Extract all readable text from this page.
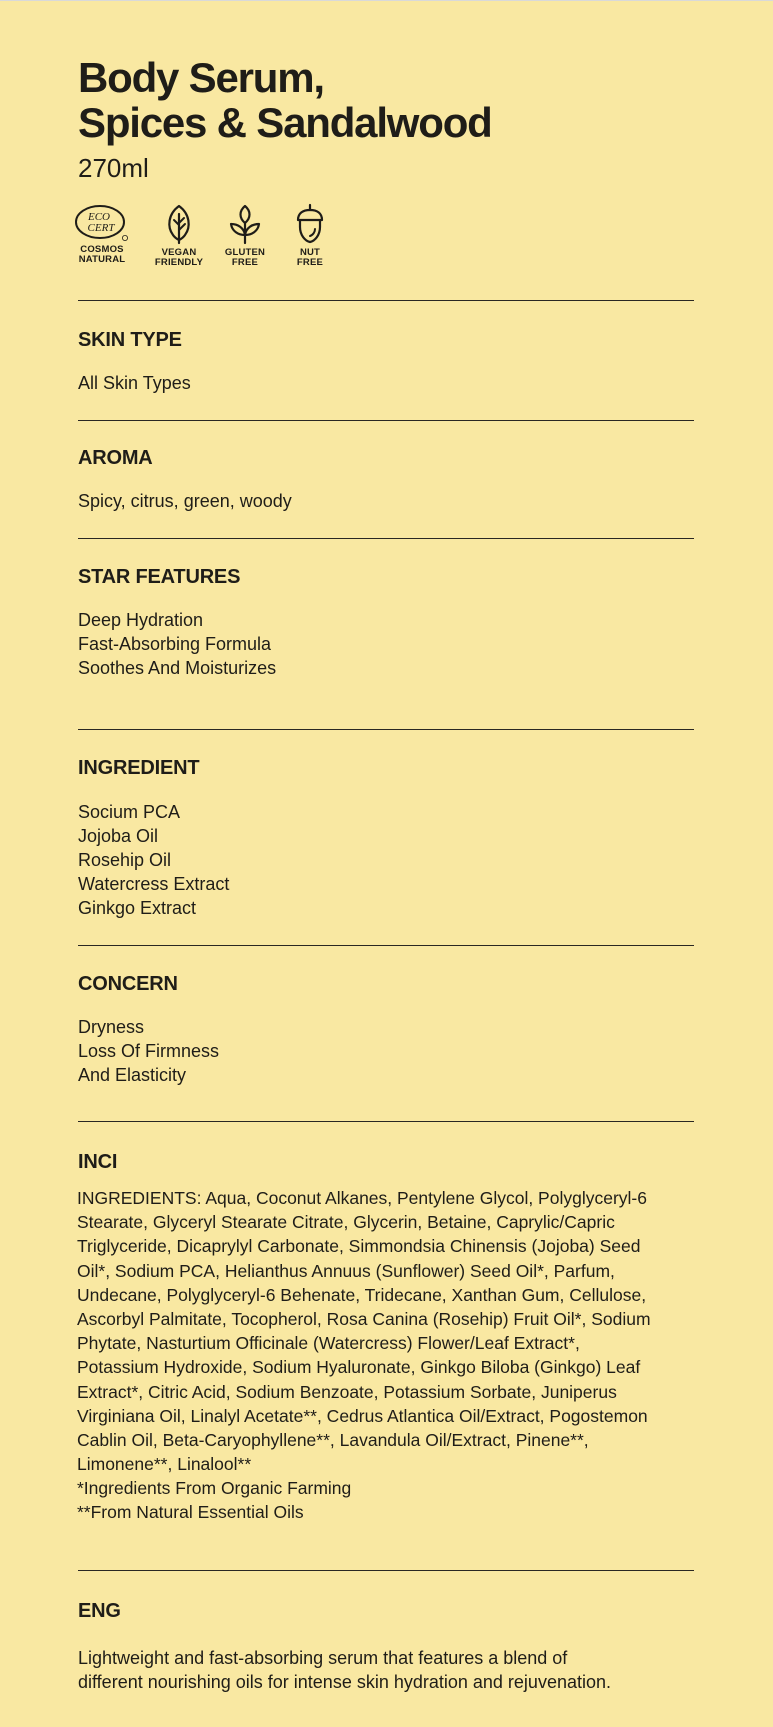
Body Serum,
Spices & Sandalwood
270ml
ECO
CERT
COSMOS
NATURAL
VEGAN
FRIENDLY
GLUTEN
FREE
NUT
FREE
SKIN TYPE
All Skin Types
AROMA
Spicy, citrus, green, woody
STAR FEATURES
Deep Hydration
Fast-Absorbing Formula
Soothes And Moisturizes
INGREDIENT
Socium PCA
Jojoba Oil
Rosehip Oil
Watercress Extract
Ginkgo Extract
CONCERN
Dryness
Loss Of Firmness
And Elasticity
INCI
INGREDIENTS: Aqua, Coconut Alkanes, Pentylene Glycol, Polyglyceryl-6
Stearate, Glyceryl Stearate Citrate, Glycerin, Betaine, Caprylic/Capric
Triglyceride, Dicaprylyl Carbonate, Simmondsia Chinensis (Jojoba) Seed
Oil*, Sodium PCA, Helianthus Annuus (Sunflower) Seed Oil*, Parfum,
Undecane, Polyglyceryl-6 Behenate, Tridecane, Xanthan Gum, Cellulose,
Ascorbyl Palmitate, Tocopherol, Rosa Canina (Rosehip) Fruit Oil*, Sodium
Phytate, Nasturtium Officinale (Watercress) Flower/Leaf Extract*,
Potassium Hydroxide, Sodium Hyaluronate, Ginkgo Biloba (Ginkgo) Leaf
Extract*, Citric Acid, Sodium Benzoate, Potassium Sorbate, Juniperus
Virginiana Oil, Linalyl Acetate**, Cedrus Atlantica Oil/Extract, Pogostemon
Cablin Oil, Beta-Caryophyllene**, Lavandula Oil/Extract, Pinene**,
Limonene**, Linalool**
*Ingredients From Organic Farming
**From Natural Essential Oils
ENG
Lightweight and fast-absorbing serum that features a blend of
different nourishing oils for intense skin hydration and rejuvenation.
